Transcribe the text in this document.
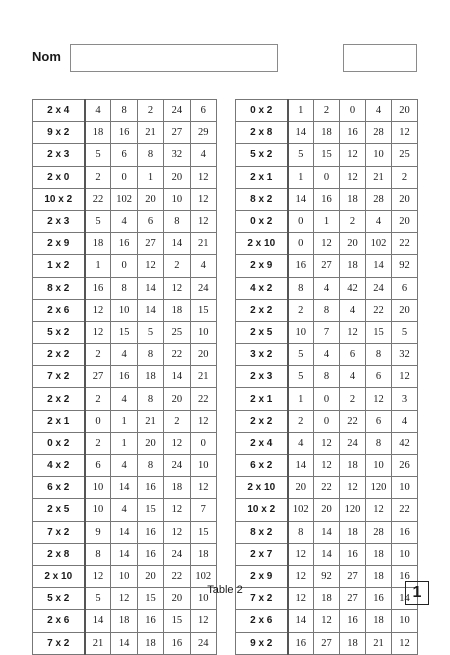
Nom
2 x 4	4	8	2	24	6
9 x 2	18	16	21	27	29
2 x 3	5	6	8	32	4
2 x 0	2	0	1	20	12
10 x 2	22	102	20	10	12
2 x 3	5	4	6	8	12
2 x 9	18	16	27	14	21
1 x 2	1	0	12	2	4
8 x 2	16	8	14	12	24
2 x 6	12	10	14	18	15
5 x 2	12	15	5	25	10
2 x 2	2	4	8	22	20
7 x 2	27	16	18	14	21
2 x 2	2	4	8	20	22
2 x 1	0	1	21	2	12
0 x 2	2	1	20	12	0
4 x 2	6	4	8	24	10
6 x 2	10	14	16	18	12
2 x 5	10	4	15	12	7
7 x 2	9	14	16	12	15
2 x 8	8	14	16	24	18
2 x 10	12	10	20	22	102
5 x 2	5	12	15	20	10
2 x 6	14	18	16	15	12
7 x 2	21	14	18	16	24
0 x 2	1	2	0	4	20
2 x 8	14	18	16	28	12
5 x 2	5	15	12	10	25
2 x 1	1	0	12	21	2
8 x 2	14	16	18	28	20
0 x 2	0	1	2	4	20
2 x 10	0	12	20	102	22
2 x 9	16	27	18	14	92
4 x 2	8	4	42	24	6
2 x 2	2	8	4	22	20
2 x 5	10	7	12	15	5
3 x 2	5	4	6	8	32
2 x 3	5	8	4	6	12
2 x 1	1	0	2	12	3
2 x 2	2	0	22	6	4
2 x 4	4	12	24	8	42
6 x 2	14	12	18	10	26
2 x 10	20	22	12	120	10
10 x 2	102	20	120	12	22
8 x 2	8	14	18	28	16
2 x 7	12	14	16	18	10
2 x 9	12	92	27	18	16
7 x 2	12	18	27	16	14
2 x 6	14	12	16	18	10
9 x 2	16	27	18	21	12
Table 2	1
